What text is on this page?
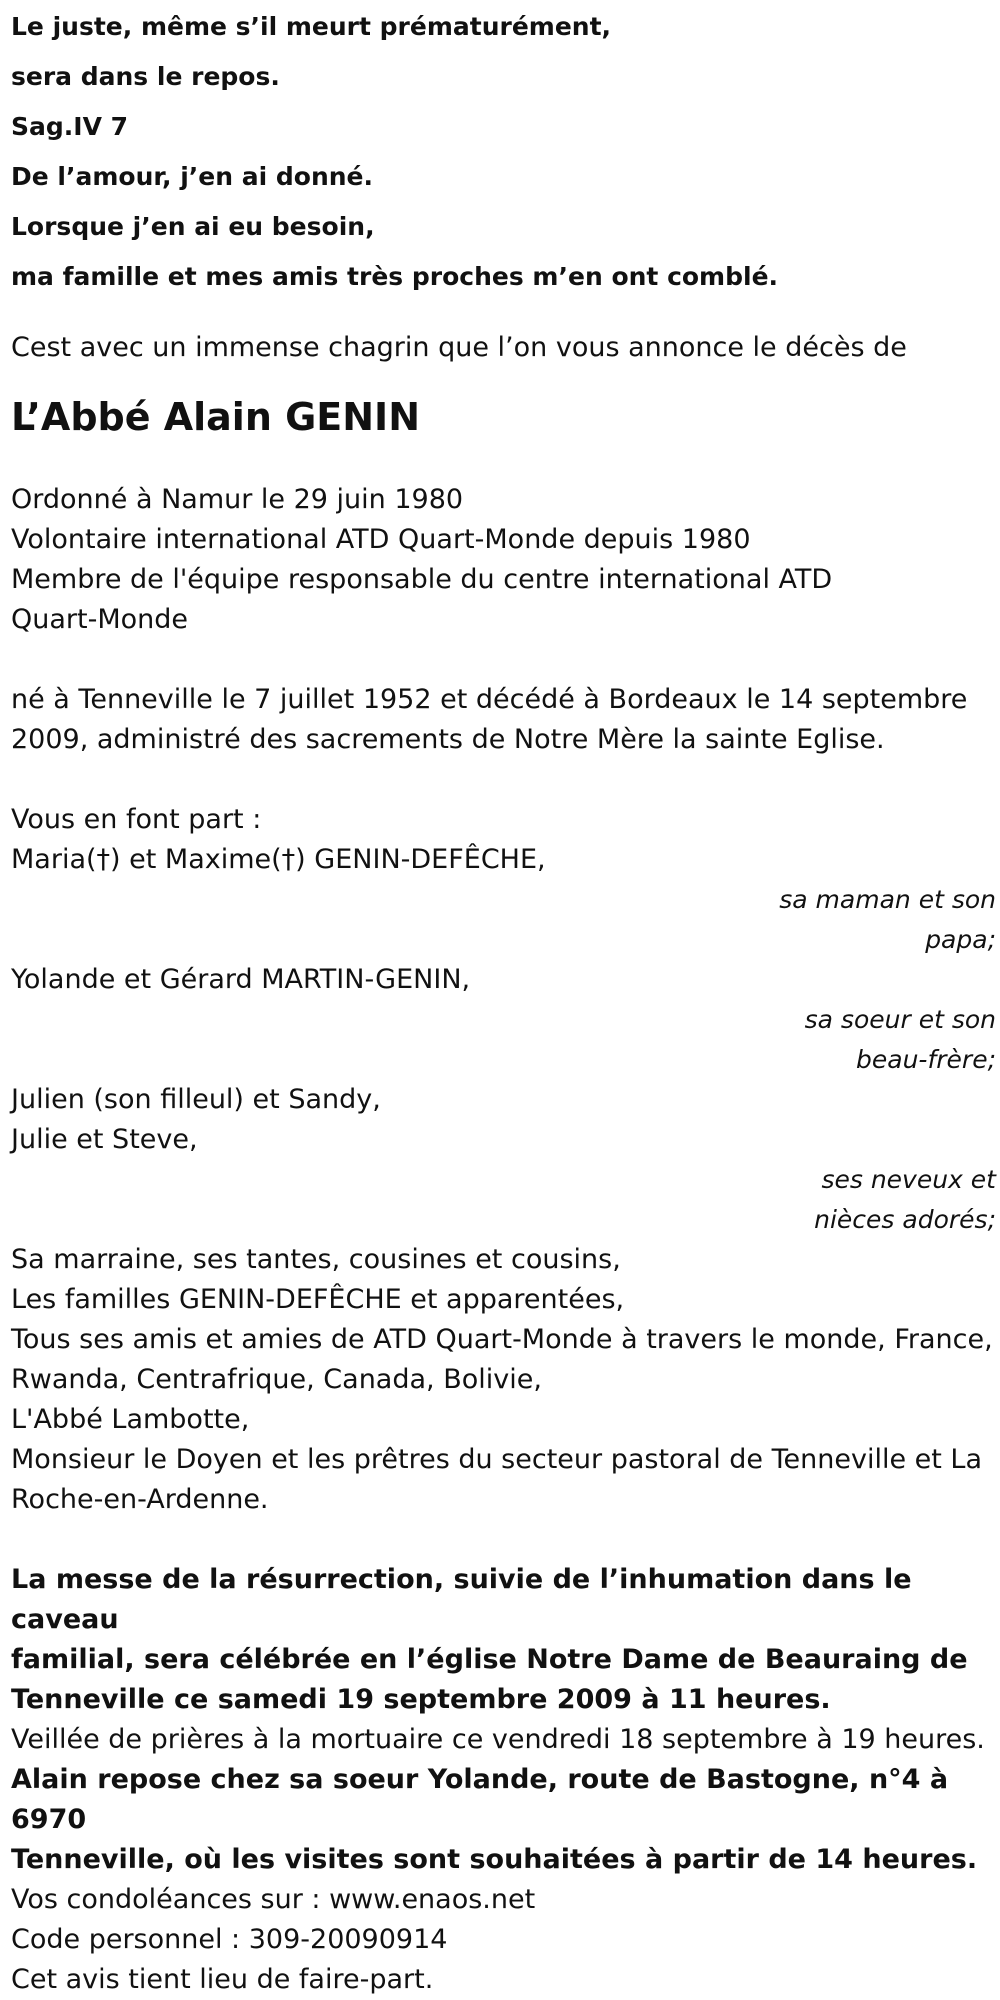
Le juste, même s’il meurt prématurément,

sera dans le repos.

Sag.IV 7

De l’amour, j’en ai donné.

Lorsque j’en ai eu besoin,

ma famille et mes amis très proches m’en ont comblé.

Cest avec un immense chagrin que l’on vous annonce le décès de

L’Abbé Alain GENIN

Ordonné à Namur le 29 juin 1980

Volontaire international ATD Quart-Monde depuis 1980

Membre de l'équipe responsable du centre international ATD

Quart-Monde

né à Tenneville le 7 juillet 1952 et décédé à Bordeaux le 14 septembre

2009, administré des sacrements de Notre Mère la sainte Eglise.

Vous en font part :

Maria(†) et Maxime(†) GENIN-DEFÊCHE,

sa maman et son

papa;

Yolande et Gérard MARTIN-GENIN,

sa soeur et son

beau-frère;

Julien (son filleul) et Sandy,

Julie et Steve,

ses neveux et

nièces adorés;

Sa marraine, ses tantes, cousines et cousins,

Les familles GENIN-DEFÊCHE et apparentées,

Tous ses amis et amies de ATD Quart-Monde à travers le monde, France,

Rwanda, Centrafrique, Canada, Bolivie,

L'Abbé Lambotte,

Monsieur le Doyen et les prêtres du secteur pastoral de Tenneville et La

Roche-en-Ardenne.

La messe de la résurrection, suivie de l’inhumation dans le caveau

familial, sera célébrée en l’église Notre Dame de Beauraing de

Tenneville ce samedi 19 septembre 2009 à 11 heures.

Veillée de prières à la mortuaire ce vendredi 18 septembre à 19 heures.

Alain repose chez sa soeur Yolande, route de Bastogne, n°4 à 6970

Tenneville, où les visites sont souhaitées à partir de 14 heures.

Vos condoléances sur : www.enaos.net

Code personnel : 309-20090914

Cet avis tient lieu de faire-part.
